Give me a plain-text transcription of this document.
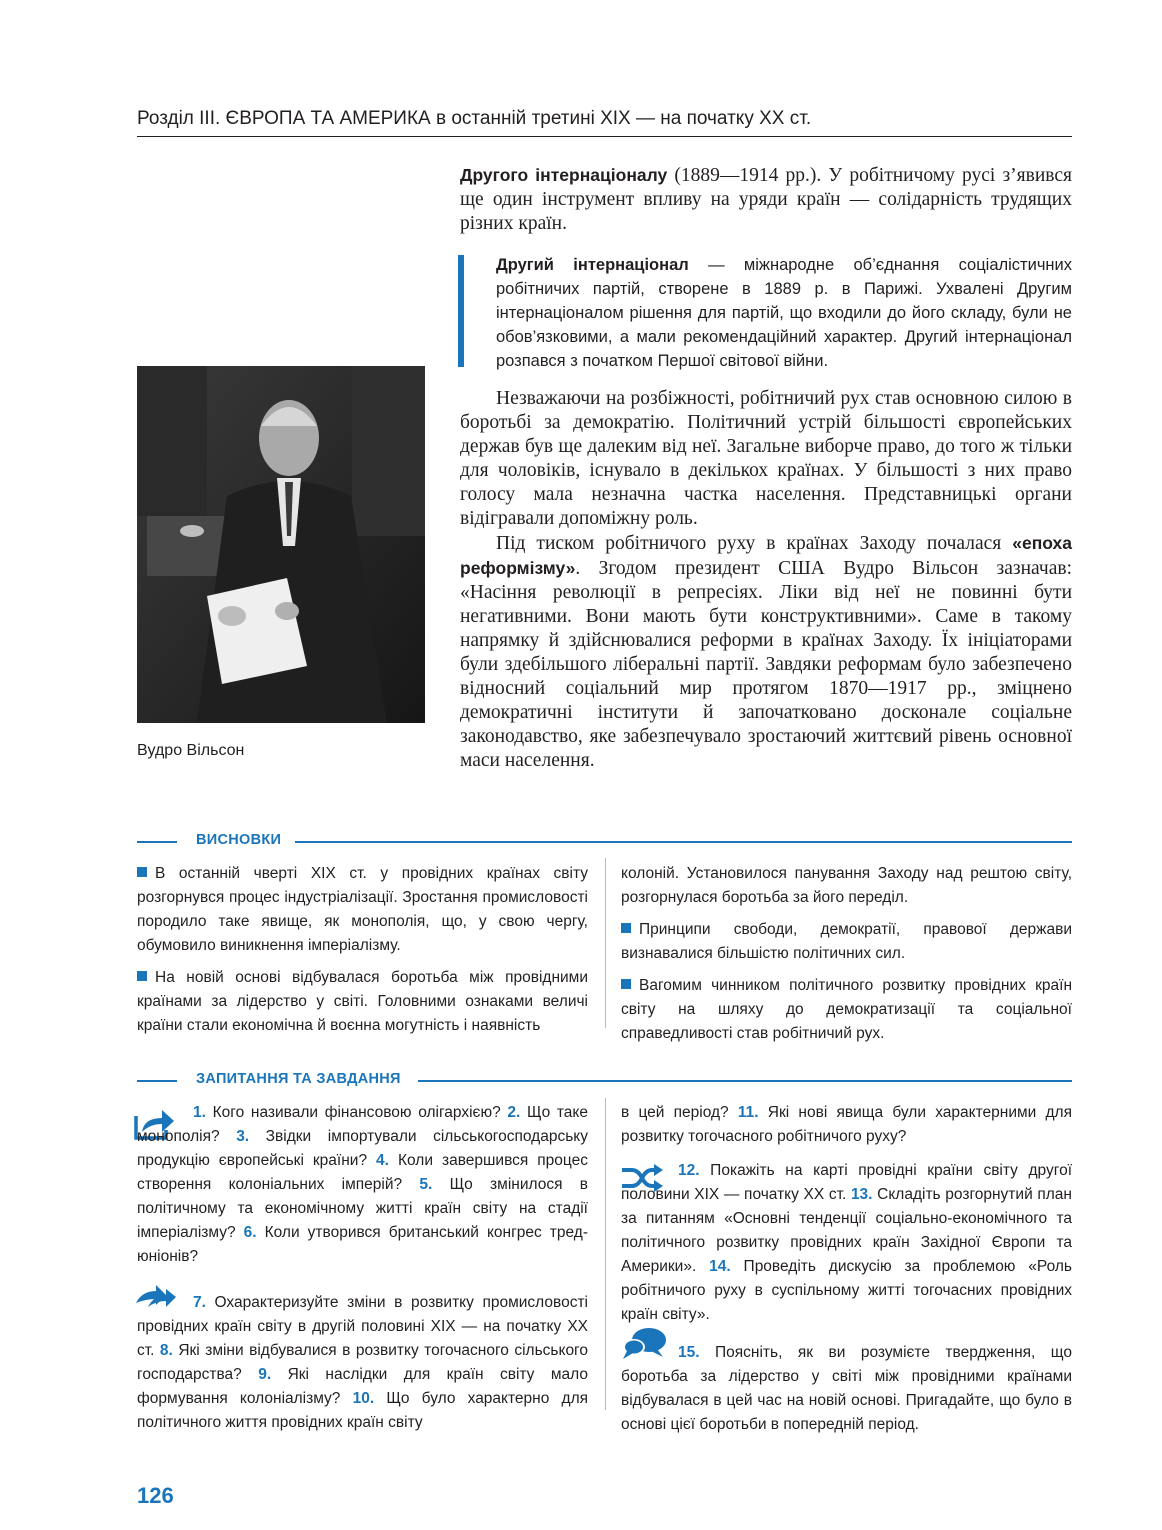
Розділ ІІІ. ЄВРОПА ТА АМЕРИКА в останній третині XIX — на початку XX ст.

Другого інтернаціоналу (1889—1914 рр.). У робітничому русі з’явився ще один інструмент впливу на уряди країн — солідарність трудящих різних країн.

Другий інтернаціонал — міжнародне об’єднання соціалістичних робітничих партій, створене в 1889 р. в Парижі. Ухвалені Другим інтернаціоналом рішення для партій, що входили до його складу, були не обов’язковими, а мали рекомендаційний характер. Другий інтернаціонал розпався з початком Першої світової війни.

Вудро Вільсон

Незважаючи на розбіжності, робітничий рух став основною силою в боротьбі за демократію. Політичний устрій більшості європейських держав був ще далеким від неї. Загальне виборче право, до того ж тільки для чоловіків, існувало в декількох країнах. У більшості з них право голосу мала незначна частка населення. Представницькі органи відігравали допоміжну роль.

Під тиском робітничого руху в країнах Заходу почалася «епоха реформізму». Згодом президент США Вудро Вільсон зазначав: «Насіння революції в репресіях. Ліки від неї не повинні бути негативними. Вони мають бути конструктивними». Саме в такому напрямку й здійснювалися реформи в країнах Заходу. Їх ініціаторами були здебільшого ліберальні партії. Завдяки реформам було забезпечено відносний соціальний мир протягом 1870—1917 рр., зміцнено демократичні інститути й започатковано досконале соціальне законодавство, яке забезпечувало зростаючий життєвий рівень основної маси населення.

ВИСНОВКИ

В останній чверті XIX ст. у провідних країнах світу розгорнувся процес індустріалізації. Зростання промисловості породило таке явище, як монополія, що, у свою чергу, обумовило виникнення імперіалізму.

На новій основі відбувалася боротьба між провідними країнами за лідерство у світі. Головними ознаками величі країни стали економічна й воєнна могутність і наявність

колоній. Установилося панування Заходу над рештою світу, розгорнулася боротьба за його переділ.

Принципи свободи, демократії, правової держави визнавалися більшістю політичних сил.

Вагомим чинником політичного розвитку провідних країн світу на шляху до демократизації та соціальної справедливості став робітничий рух.

ЗАПИТАННЯ ТА ЗАВДАННЯ

1. Кого називали фінансовою олігархією? 2. Що таке монополія? 3. Звідки імпортували сільськогосподарську продукцію європейські країни? 4. Коли завершився процес створення колоніальних імперій? 5. Що змінилося в політичному та економічному житті країн світу на стадії імперіалізму? 6. Коли утворився британський конгрес тред-юніонів?

7. Охарактеризуйте зміни в розвитку промисловості провідних країн світу в другій половині XIX — на початку XX ст. 8. Які зміни відбувалися в розвитку тогочасного сільського господарства? 9. Які наслідки для країн світу мало формування колоніалізму? 10. Що було характерно для політичного життя провідних країн світу

в цей період? 11. Які нові явища були характерними для розвитку тогочасного робітничого руху?

12. Покажіть на карті провідні країни світу другої половини XIX — початку XX ст. 13. Складіть розгорнутий план за питанням «Основні тенденції соціально-економічного та політичного розвитку провідних країн Західної Європи та Америки». 14. Проведіть дискусію за проблемою «Роль робітничого руху в суспільному житті тогочасних провідних країн світу».

15. Поясніть, як ви розумієте твердження, що боротьба за лідерство у світі між провідними країнами відбувалася в цей час на новій основі. Пригадайте, що було в основі цієї боротьби в попередній період.

126
